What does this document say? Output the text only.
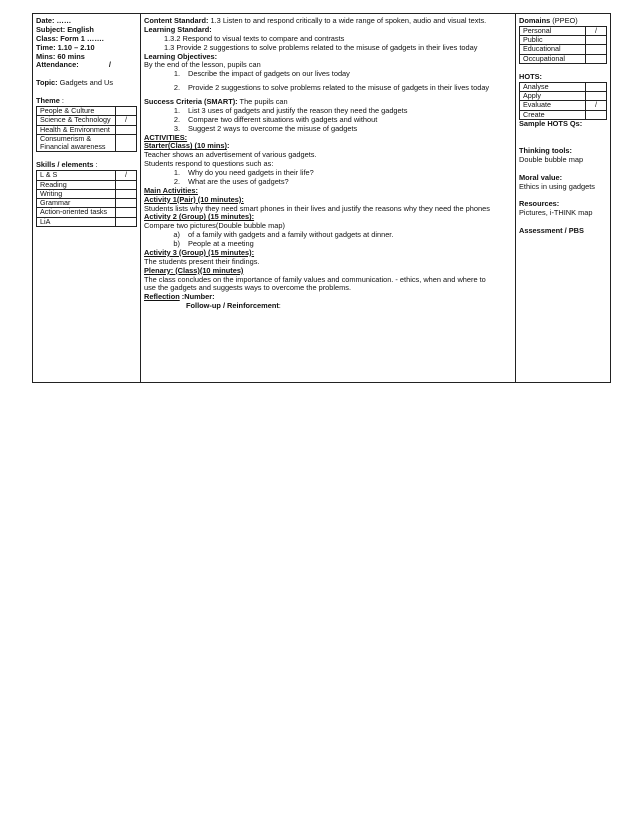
Date: ……
Subject: English
Class: Form 1 …….
Time: 1.10 – 2.10
Mins: 60 mins
Attendance:	/
Topic: Gadgets and Us
Theme :
People & Culture	
Science & Technology	/
Health & Environment	
Consumerism & Financial awareness	
Skills / elements :
L & S	/
Reading	
Writing	
Grammar	
Action-oriented tasks	
LiA	
Content Standard: 1.3 Listen to and respond critically to a wide range of spoken, audio and visual texts.
Learning Standard:
1.3.2 Respond to visual texts to compare and contrasts
1.3 Provide 2 suggestions to solve problems related to the misuse of gadgets in their lives today
Learning Objectives:
By the end of the lesson, pupils can
1. Describe the impact of gadgets on our lives today
2. Provide 2 suggestions to solve problems related to the misuse of gadgets in their lives today
Success Criteria (SMART): The pupils can
1. List 3 uses of gadgets and justify the reason they need the gadgets
2. Compare two different situations with gadgets and without
3. Suggest 2 ways to overcome the misuse of gadgets
ACTIVITIES:
Starter(Class) (10 mins):
Teacher shows an advertisement of various gadgets.
Students respond to questions such as:
1. Why do you need gadgets in their life?
2. What are the uses of gadgets?
Main Activities:
Activity 1(Pair) (10 minutes):
Students lists why they need smart phones in their lives and justify the reasons why they need the phones
Activity 2 (Group) (15 minutes):
Compare two pictures(Double bubble map)
a) of a family with gadgets and a family without gadgets at dinner.
b) People at a meeting
Activity 3 (Group) (15 minutes):
The students present their findings.
Plenary: (Class)(10 minutes)
The class concludes on the importance of family values and communication. - ethics, when and where to
use the gadgets and suggests ways to overcome the problems.
Reflection :Number:
Follow-up / Reinforcement:
Domains (PPEO)
Personal	/
Public	
Educational	
Occupational	
HOTS:
Analyse	
Apply	
Evaluate	/
Create	
Sample HOTS Qs:
Thinking tools:
Double bubble map
Moral value:
Ethics in using gadgets
Resources:
Pictures, i-THINK map
Assessment / PBS
